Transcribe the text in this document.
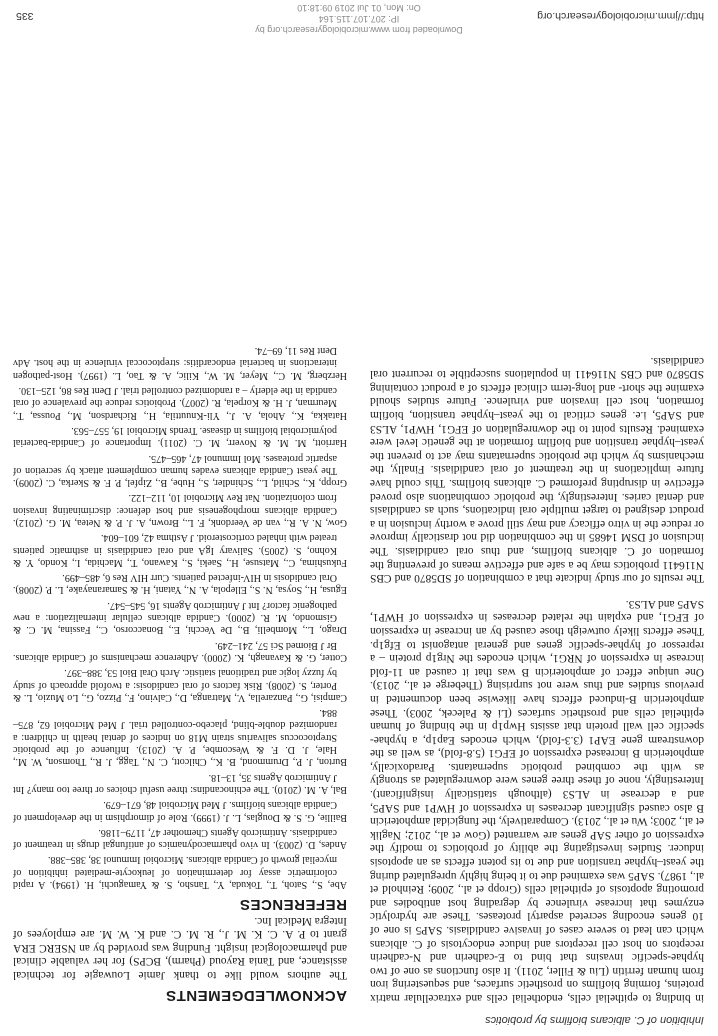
Inhibition of C. albicans biofilms by probiotics

in binding to epithelial cells, endothelial cells and extracellular matrix proteins, forming biofilms on prosthetic surfaces, and sequestering iron from human ferritin (Liu & Filler, 2011). It also functions as one of two hyphae-specific invasins that bind to E-cadherin and N-cadherin receptors on host cell receptors and induce endocytosis of C. albicans which can lead to severe cases of invasive candidiasis. SAP5 is one of 10 genes encoding secreted aspartyl proteases. These are hydrolytic enzymes that increase virulence by degrading host antibodies and promoting apoptosis of epithelial cells (Gropp et al., 2009; Reinhold et al., 1987). SAP5 was examined due to it being highly upregulated during the yeast–hyphae transition and due to its potent effects as an apoptosis inducer. Studies investigating the ability of probiotics to modify the expression of other SAP genes are warranted (Gow et al., 2012; Naglik et al., 2003; Wu et al., 2013). Comparatively, the fungicidal amphotericin B also caused significant decreases in expression of HWP1 and SAP5, and a decrease in ALS3 (although statistically insignificant). Interestingly, none of these three genes were downregulated as strongly as with the combined probiotic supernatants. Paradoxically, amphotericin B increased expression of EFG1 (5.8-fold), as well as the downstream gene EAP1 (3.3-fold), which encodes Eap1p, a hyphae-specific cell wall protein that assists Hwp1p in the binding of human epithelial cells and prosthetic surfaces (Li & Palecek, 2003). These amphotericin B-induced effects have likewise been documented in previous studies and thus were not surprising (Theberge et al., 2013). One unique effect of amphotericin B was that it caused an 11-fold increase in expression of NRG1, which encodes the Nrg1p protein – a repressor of hyphae-specific genes and general antagonist to Efg1p. These effects likely outweigh those caused by an increase in expression of EFG1, and explain the related decreases in expression of HWP1, SAP5 and ALS3.

The results of our study indicate that a combination of SD5870 and CBS N116411 probiotics may be a safe and effective means of preventing the formation of C. albicans biofilms, and thus oral candidiasis. The inclusion of DSM 14685 in the combination did not drastically improve or reduce the in vitro efficacy and may still prove a worthy inclusion in a product designed to target multiple oral indications, such as candidiasis and dental caries. Interestingly, the probiotic combinations also proved effective in disrupting preformed C. albicans biofilms. This could have future implications in the treatment of oral candidiasis. Finally, the mechanisms by which the probiotic supernatants may act to prevent the yeast–hyphae transition and biofilm formation at the genetic level were examined. Results point to the downregulation of EFG1, HWP1, ALS3 and SAP5, i.e. genes critical to the yeast–hyphae transition, biofilm formation, host cell invasion and virulence. Future studies should examine the short- and long-term clinical effects of a product containing SD5870 and CBS N116411 in populations susceptible to recurrent oral candidiasis.

ACKNOWLEDGEMENTS

The authors would like to thank Jamie Louwagie for technical assistance, and Tania Rayoud (Pharm), BCPS) for her valuable clinical and pharmacological insight. Funding was provided by an NSERC ERA grant to P. A. C. K. M. J., R. M. C. and K. W. M. are employees of Integra Medical Inc.

REFERENCES
Abe, S., Satoh, T., Tokuda, Y., Tansho, S. & Yamaguchi, H. (1994). A rapid colorimetric assay for determination of leukocyte-mediated inhibition of mycelial growth of Candida albicans. Microbiol Immunol 38, 385–388.
Andes, D. (2003). In vivo pharmacodynamics of antifungal drugs in treatment of candidiasis. Antimicrob Agents Chemother 47, 1179–1186.
Baillie, G. S. & Douglas, L. J. (1999). Role of dimorphism in the development of Candida albicans biofilms. J Med Microbiol 48, 671–679.
Bal, A. M. (2010). The echinocandins: three useful choices or three too many? Int J Antimicrob Agents 35, 13–18.
Burton, J. P., Drummond, B. K., Chilcott, C. N., Tagg, J. R., Thomson, W. M., Hale, J. D. F. & Wescombe, P. A. (2013). Influence of the probiotic Streptococcus salivarius strain M18 on indices of dental health in children: a randomized double-blind, placebo-controlled trial. J Med Microbiol 62, 875–884.
Campisi, G., Panzarella, V., Matranga, D., Calvino, F., Pizzo, G., Lo Muzio, L. & Porter, S. (2008). Risk factors of oral candidosis: a twofold approach of study by fuzzy logic and traditional statistic. Arch Oral Biol 53, 388–397.
Cotter, G. & Kavanagh, K. (2000). Adherence mechanisms of Candida albicans. Br J Biomed Sci 57, 241–249.
Drago, L., Mombelli, B., De Vecchi, E., Bonaccorso, C., Fassina, M. C. & Gismondo, M. R. (2000). Candida albicans cellular internalization: a new pathogenic factor? Int J Antimicrob Agents 16, 545–547.
Egusa, H., Soysa, N. S., Ellepola, A. N., Yatani, H. & Samaranayake, L. P. (2008). Oral candidosis in HIV-infected patients. Curr HIV Res 6, 485–499.
Fukushima, C., Matsuse, H., Saeki, S., Kawano, T., Machida, I., Kondo, Y. & Kohno, S. (2005). Salivary IgA and oral candidiasis in asthmatic patients treated with inhaled corticosteroid. J Asthma 42, 601–604.
Gow, N. A. R., van de Veerdonk, F. L., Brown, A. J. P. & Netea, M. G. (2012). Candida albicans morphogenesis and host defence: discriminating invasion from colonization. Nat Rev Microbiol 10, 112–122.
Gropp, K., Schild, L., Schindler, S., Hube, B., Zipfel, P. F. & Skerka, C. (2009). The yeast Candida albicans evades human complement attack by secretion of aspartic proteases. Mol Immunol 47, 465–475.
Harriott, M. M. & Noverr, M. C. (2011). Importance of Candida-bacterial polymicrobial biofilms in disease. Trends Microbiol 19, 557–563.
Hatakka, K., Ahola, A. J., Yli-Knuuttila, H., Richardson, M., Poussa, T., Meurman, J. H. & Korpela, R. (2007). Probiotics reduce the prevalence of oral candida in the elderly – a randomized controlled trial. J Dent Res 86, 125–130.
Herzberg, M. C., Meyer, M. W., Kilic, A. & Tao, L. (1997). Host-pathogen interactions in bacterial endocarditis: streptococcal virulence in the host. Adv Dent Res 11, 69–74.
http://jmm.microbiologyresearch.org
335
Downloaded from www.microbiologyresearch.org by
IP: 207.107.115.164
On: Mon, 01 Jul 2019 09:18:10
